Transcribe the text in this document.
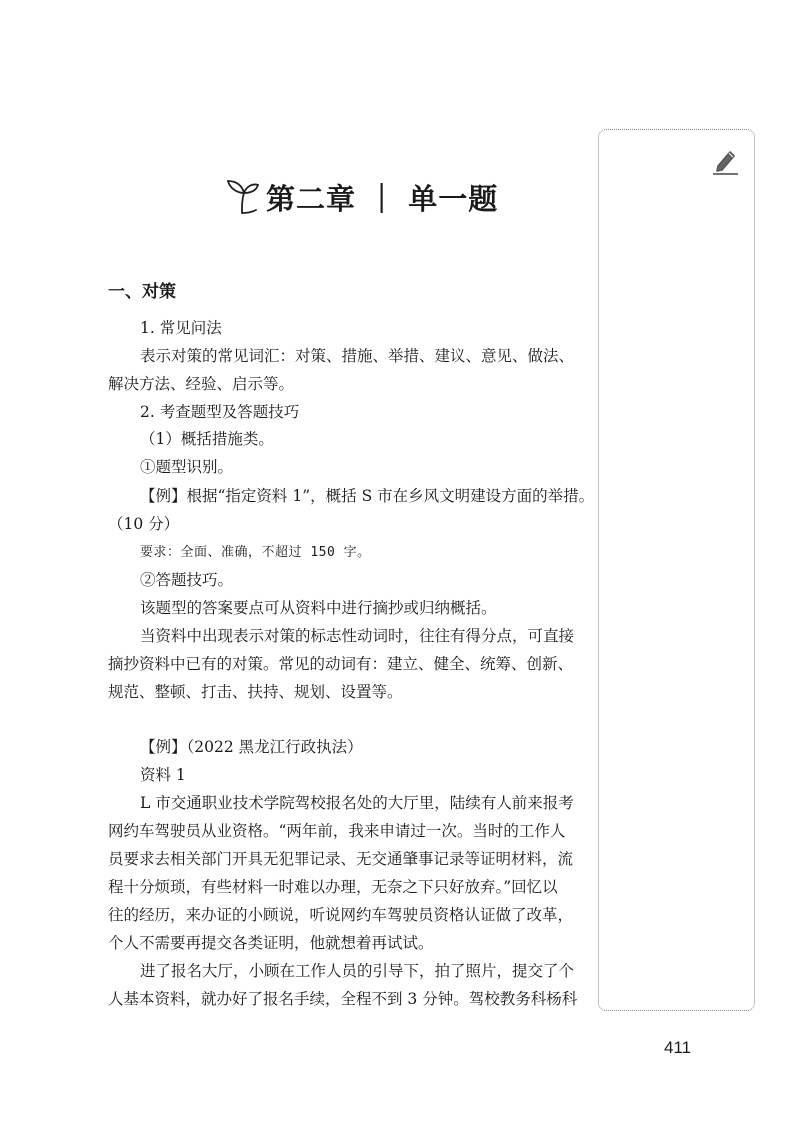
第二章 ｜ 单一题
一、对策
1. 常见问法
表示对策的常见词汇：对策、措施、举措、建议、意见、做法、
解决方法、经验、启示等。
2. 考查题型及答题技巧
（1）概括措施类。
①题型识别。
【例】根据“指定资料 1”，概括 S 市在乡风文明建设方面的举措。
（10 分）
要求：全面、准确，不超过 150 字。
②答题技巧。
该题型的答案要点可从资料中进行摘抄或归纳概括。
当资料中出现表示对策的标志性动词时，往往有得分点，可直接
摘抄资料中已有的对策。常见的动词有：建立、健全、统筹、创新、
规范、整顿、打击、扶持、规划、设置等。
【例】（2022 黑龙江行政执法）
资料 1
L 市交通职业技术学院驾校报名处的大厅里，陆续有人前来报考
网约车驾驶员从业资格。“两年前，我来申请过一次。当时的工作人
员要求去相关部门开具无犯罪记录、无交通肇事记录等证明材料，流
程十分烦琐，有些材料一时难以办理，无奈之下只好放弃。”回忆以
往的经历，来办证的小顾说，听说网约车驾驶员资格认证做了改革，
个人不需要再提交各类证明，他就想着再试试。
进了报名大厅，小顾在工作人员的引导下，拍了照片，提交了个
人基本资料，就办好了报名手续，全程不到 3 分钟。驾校教务科杨科
411
